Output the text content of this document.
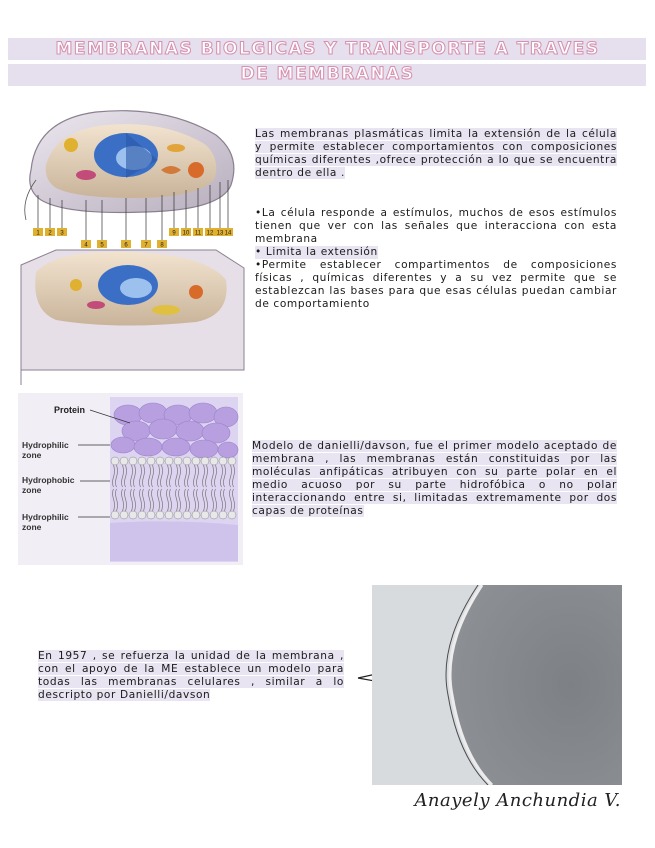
MEMBRANAS BIOLGICAS Y TRANSPORTE A TRAVES
DE MEMBRANAS
1 2 3
4 5	6	7 8
9 10 11 12 13 14
Las membranas plasmáticas limita la extensión de la célula y permite establecer comportamientos con composiciones químicas diferentes ,ofrece protección a lo que se encuentra dentro de ella .
•La célula responde a estímulos, muchos de esos estímulos tienen que ver con las señales que interacciona con esta membrana
• Limita la extensión
•Permite establecer compartimentos de composiciones físicas , químicas diferentes y a su vez permite que se establezcan las bases para que esas células puedan cambiar de comportamiento
Protein
Hydrophilic zone
Hydrophobic zone
Hydrophilic zone
Modelo de danielli/davson, fue el primer modelo aceptado de membrana , las membranas están constituidas por las moléculas anfipáticas atribuyen con su parte polar en el medio acuoso por su parte hidrofóbica o no polar interaccionando entre si, limitadas extremamente por dos capas de proteínas
En 1957 , se refuerza la unidad de la membrana , con el apoyo de la ME establece un modelo para todas las membranas celulares , similar a lo descripto por Danielli/davson
Anayely Anchundia V.
